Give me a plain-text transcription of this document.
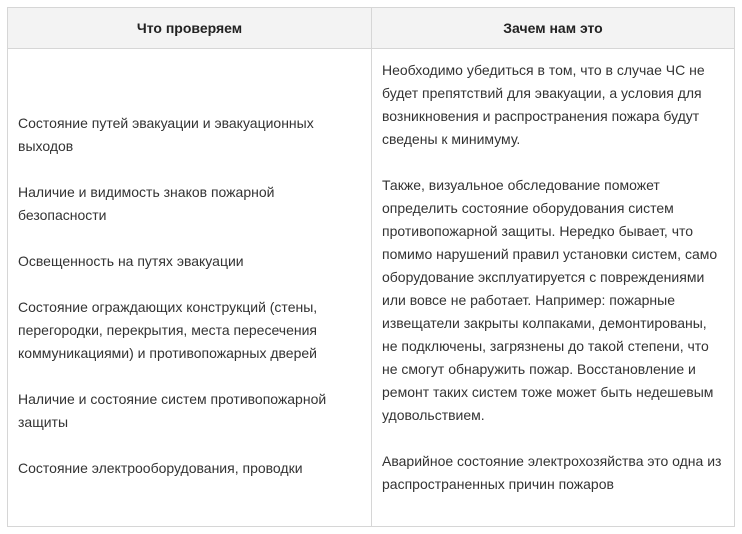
Что проверяем	Зачем нам это

Состояние путей эвакуации и эвакуационных выходов

Наличие и видимость знаков пожарной безопасности

Освещенность на путях эвакуации

Состояние ограждающих конструкций (стены, перегородки, перекрытия, места пересечения коммуникациями) и противопожарных дверей

Наличие и состояние систем противопожарной защиты

Состояние электрооборудования, проводки

Необходимо убедиться в том, что в случае ЧС не будет препятствий для эвакуации, а условия для возникновения и распространения пожара будут сведены к минимуму.

Также, визуальное обследование поможет определить состояние оборудования систем противопожарной защиты. Нередко бывает, что помимо нарушений правил установки систем, само оборудование эксплуатируется с повреждениями или вовсе не работает. Например: пожарные извещатели закрыты колпаками, демонтированы, не подключены, загрязнены до такой степени, что не смогут обнаружить пожар. Восстановление и ремонт таких систем тоже может быть недешевым удовольствием.

Аварийное состояние электрохозяйства это одна из распространенных причин пожаров
